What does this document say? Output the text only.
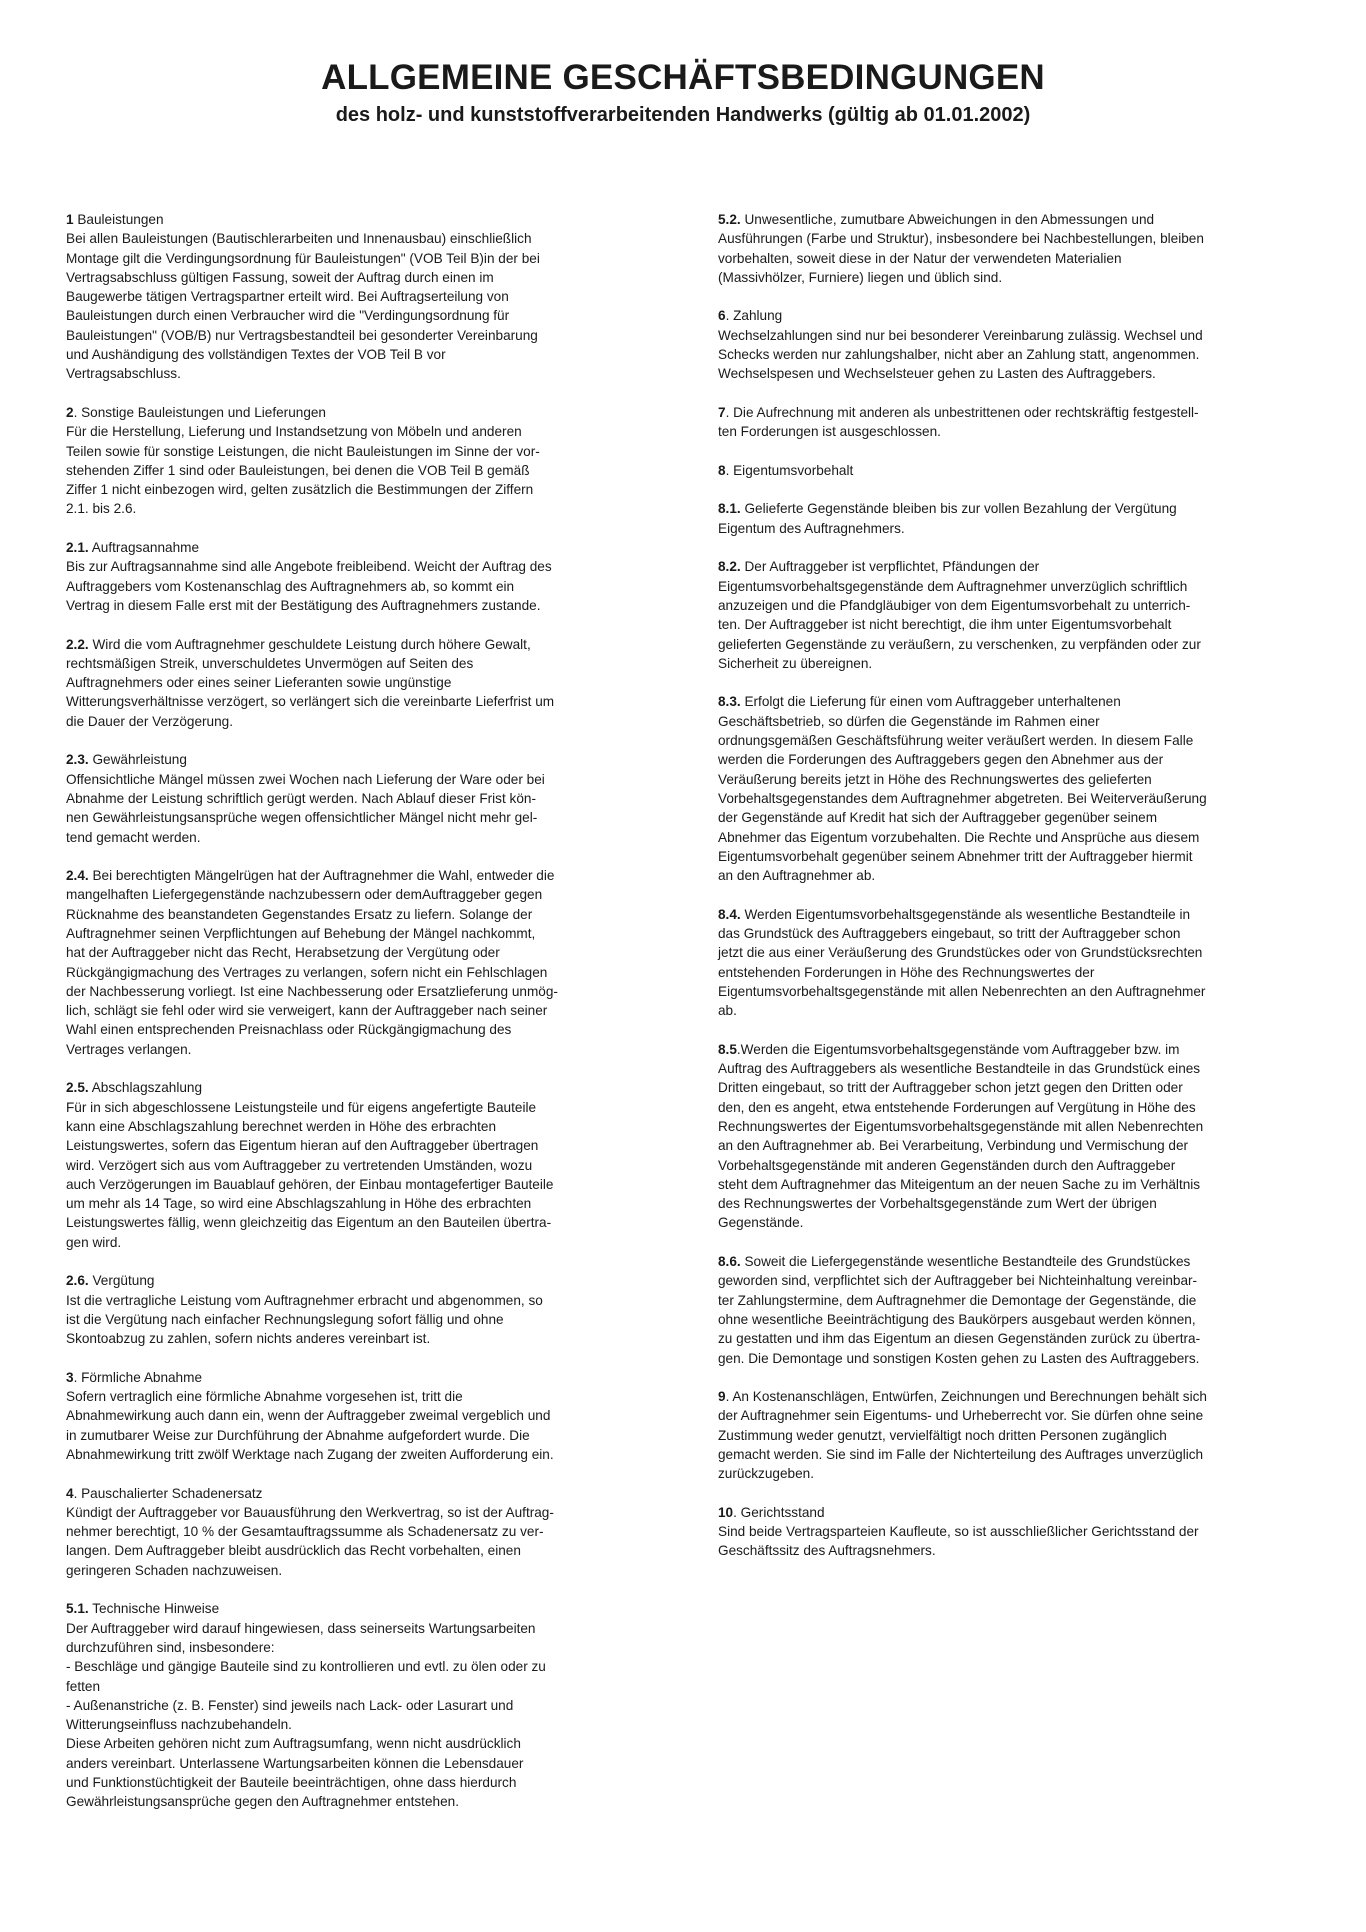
ALLGEMEINE GESCHÄFTSBEDINGUNGEN
des holz- und kunststoffverarbeitenden Handwerks (gültig ab 01.01.2002)

1 Bauleistungen

Bei allen Bauleistungen (Bautischlerarbeiten und Innenausbau) einschließlich
Montage gilt die Verdingungsordnung für Bauleistungen" (VOB Teil B)in der bei
Vertragsabschluss gültigen Fassung, soweit der Auftrag durch einen im
Baugewerbe tätigen Vertragspartner erteilt wird. Bei Auftragserteilung von
Bauleistungen durch einen Verbraucher wird die "Verdingungsordnung für
Bauleistungen" (VOB/B) nur Vertragsbestandteil bei gesonderter Vereinbarung
und Aushändigung des vollständigen Textes der VOB Teil B vor
Vertragsabschluss.

2. Sonstige Bauleistungen und Lieferungen

Für die Herstellung, Lieferung und Instandsetzung von Möbeln und anderen
Teilen sowie für sonstige Leistungen, die nicht Bauleistungen im Sinne der vor-
stehenden Ziffer 1 sind oder Bauleistungen, bei denen die VOB Teil B gemäß
Ziffer 1 nicht einbezogen wird, gelten zusätzlich die Bestimmungen der Ziffern
2.1. bis 2.6.

2.1. Auftragsannahme

Bis zur Auftragsannahme sind alle Angebote freibleibend. Weicht der Auftrag des
Auftraggebers vom Kostenanschlag des Auftragnehmers ab, so kommt ein
Vertrag in diesem Falle erst mit der Bestätigung des Auftragnehmers zustande.

2.2. Wird die vom Auftragnehmer geschuldete Leistung durch höhere Gewalt,

rechtsmäßigen Streik, unverschuldetes Unvermögen auf Seiten des
Auftragnehmers oder eines seiner Lieferanten sowie ungünstige
Witterungsverhältnisse verzögert, so verlängert sich die vereinbarte Lieferfrist um
die Dauer der Verzögerung.

2.3. Gewährleistung

Offensichtliche Mängel müssen zwei Wochen nach Lieferung der Ware oder bei
Abnahme der Leistung schriftlich gerügt werden. Nach Ablauf dieser Frist kön-
nen Gewährleistungsansprüche wegen offensichtlicher Mängel nicht mehr gel-
tend gemacht werden.

2.4. Bei berechtigten Mängelrügen hat der Auftragnehmer die Wahl, entweder die

mangelhaften Liefergegenstände nachzubessern oder demAuftraggeber gegen
Rücknahme des beanstandeten Gegenstandes Ersatz zu liefern. Solange der
Auftragnehmer seinen Verpflichtungen auf Behebung der Mängel nachkommt,
hat der Auftraggeber nicht das Recht, Herabsetzung der Vergütung oder
Rückgängigmachung des Vertrages zu verlangen, sofern nicht ein Fehlschlagen
der Nachbesserung vorliegt. Ist eine Nachbesserung oder Ersatzlieferung unmög-
lich, schlägt sie fehl oder wird sie verweigert, kann der Auftraggeber nach seiner
Wahl einen entsprechenden Preisnachlass oder Rückgängigmachung des
Vertrages verlangen.

2.5. Abschlagszahlung

Für in sich abgeschlossene Leistungsteile und für eigens angefertigte Bauteile
kann eine Abschlagszahlung berechnet werden in Höhe des erbrachten
Leistungswertes, sofern das Eigentum hieran auf den Auftraggeber übertragen
wird. Verzögert sich aus vom Auftraggeber zu vertretenden Umständen, wozu
auch Verzögerungen im Bauablauf gehören, der Einbau montagefertiger Bauteile
um mehr als 14 Tage, so wird eine Abschlagszahlung in Höhe des erbrachten
Leistungswertes fällig, wenn gleichzeitig das Eigentum an den Bauteilen übertra-
gen wird.

2.6. Vergütung

Ist die vertragliche Leistung vom Auftragnehmer erbracht und abgenommen, so
ist die Vergütung nach einfacher Rechnungslegung sofort fällig und ohne
Skontoabzug zu zahlen, sofern nichts anderes vereinbart ist.

3. Förmliche Abnahme

Sofern vertraglich eine förmliche Abnahme vorgesehen ist, tritt die
Abnahmewirkung auch dann ein, wenn der Auftraggeber zweimal vergeblich und
in zumutbarer Weise zur Durchführung der Abnahme aufgefordert wurde. Die
Abnahmewirkung tritt zwölf Werktage nach Zugang der zweiten Aufforderung ein.

4. Pauschalierter Schadenersatz

Kündigt der Auftraggeber vor Bauausführung den Werkvertrag, so ist der Auftrag-
nehmer berechtigt, 10 % der Gesamtauftragssumme als Schadenersatz zu ver-
langen. Dem Auftraggeber bleibt ausdrücklich das Recht vorbehalten, einen
geringeren Schaden nachzuweisen.

5.1. Technische Hinweise

Der Auftraggeber wird darauf hingewiesen, dass seinerseits Wartungsarbeiten
durchzuführen sind, insbesondere:
- Beschläge und gängige Bauteile sind zu kontrollieren und evtl. zu ölen oder zu
fetten
- Außenanstriche (z. B. Fenster) sind jeweils nach Lack- oder Lasurart und
Witterungseinfluss nachzubehandeln.
Diese Arbeiten gehören nicht zum Auftragsumfang, wenn nicht ausdrücklich
anders vereinbart. Unterlassene Wartungsarbeiten können die Lebensdauer
und Funktionstüchtigkeit der Bauteile beeinträchtigen, ohne dass hierdurch
Gewährleistungsansprüche gegen den Auftragnehmer entstehen.

5.2. Unwesentliche, zumutbare Abweichungen in den Abmessungen und

Ausführungen (Farbe und Struktur), insbesondere bei Nachbestellungen, bleiben
vorbehalten, soweit diese in der Natur der verwendeten Materialien
(Massivhölzer, Furniere) liegen und üblich sind.

6. Zahlung

Wechselzahlungen sind nur bei besonderer Vereinbarung zulässig. Wechsel und
Schecks werden nur zahlungshalber, nicht aber an Zahlung statt, angenommen.
Wechselspesen und Wechselsteuer gehen zu Lasten des Auftraggebers.

7. Die Aufrechnung mit anderen als unbestrittenen oder rechtskräftig festgestell-

ten Forderungen ist ausgeschlossen.

8. Eigentumsvorbehalt

8.1. Gelieferte Gegenstände bleiben bis zur vollen Bezahlung der Vergütung

Eigentum des Auftragnehmers.

8.2. Der Auftraggeber ist verpflichtet, Pfändungen der

Eigentumsvorbehaltsgegenstände dem Auftragnehmer unverzüglich schriftlich
anzuzeigen und die Pfandgläubiger von dem Eigentumsvorbehalt zu unterrich-
ten. Der Auftraggeber ist nicht berechtigt, die ihm unter Eigentumsvorbehalt
gelieferten Gegenstände zu veräußern, zu verschenken, zu verpfänden oder zur
Sicherheit zu übereignen.

8.3. Erfolgt die Lieferung für einen vom Auftraggeber unterhaltenen

Geschäftsbetrieb, so dürfen die Gegenstände im Rahmen einer
ordnungsgemäßen Geschäftsführung weiter veräußert werden. In diesem Falle
werden die Forderungen des Auftraggebers gegen den Abnehmer aus der
Veräußerung bereits jetzt in Höhe des Rechnungswertes des gelieferten
Vorbehaltsgegenstandes dem Auftragnehmer abgetreten. Bei Weiterveräußerung
der Gegenstände auf Kredit hat sich der Auftraggeber gegenüber seinem
Abnehmer das Eigentum vorzubehalten. Die Rechte und Ansprüche aus diesem
Eigentumsvorbehalt gegenüber seinem Abnehmer tritt der Auftraggeber hiermit
an den Auftragnehmer ab.

8.4. Werden Eigentumsvorbehaltsgegenstände als wesentliche Bestandteile in

das Grundstück des Auftraggebers eingebaut, so tritt der Auftraggeber schon
jetzt die aus einer Veräußerung des Grundstückes oder von Grundstücksrechten
entstehenden Forderungen in Höhe des Rechnungswertes der
Eigentumsvorbehaltsgegenstände mit allen Nebenrechten an den Auftragnehmer
ab.

8.5.Werden die Eigentumsvorbehaltsgegenstände vom Auftraggeber bzw. im

Auftrag des Auftraggebers als wesentliche Bestandteile in das Grundstück eines
Dritten eingebaut, so tritt der Auftraggeber schon jetzt gegen den Dritten oder
den, den es angeht, etwa entstehende Forderungen auf Vergütung in Höhe des
Rechnungswertes der Eigentumsvorbehaltsgegenstände mit allen Nebenrechten
an den Auftragnehmer ab. Bei Verarbeitung, Verbindung und Vermischung der
Vorbehaltsgegenstände mit anderen Gegenständen durch den Auftraggeber
steht dem Auftragnehmer das Miteigentum an der neuen Sache zu im Verhältnis
des Rechnungswertes der Vorbehaltsgegenstände zum Wert der übrigen
Gegenstände.

8.6. Soweit die Liefergegenstände wesentliche Bestandteile des Grundstückes

geworden sind, verpflichtet sich der Auftraggeber bei Nichteinhaltung vereinbar-
ter Zahlungstermine, dem Auftragnehmer die Demontage der Gegenstände, die
ohne wesentliche Beeinträchtigung des Baukörpers ausgebaut werden können,
zu gestatten und ihm das Eigentum an diesen Gegenständen zurück zu übertra-
gen. Die Demontage und sonstigen Kosten gehen zu Lasten des Auftraggebers.

9. An Kostenanschlägen, Entwürfen, Zeichnungen und Berechnungen behält sich

der Auftragnehmer sein Eigentums- und Urheberrecht vor. Sie dürfen ohne seine
Zustimmung weder genutzt, vervielfältigt noch dritten Personen zugänglich
gemacht werden. Sie sind im Falle der Nichterteilung des Auftrages unverzüglich
zurückzugeben.

10. Gerichtsstand

Sind beide Vertragsparteien Kaufleute, so ist ausschließlicher Gerichtsstand der
Geschäftssitz des Auftragsnehmers.
